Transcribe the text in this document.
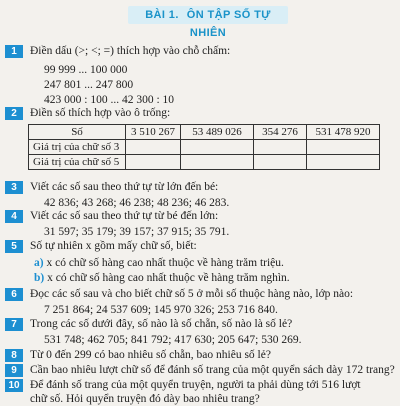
BÀI 1. ÔN TẬP SỐ TỰ NHIÊN
1	Điền dấu (>; <; =) thích hợp vào chỗ chấm:
99 999 ... 100 000
247 801 ... 247 800
423 000 : 100 ... 42 300 : 10
2	Điền số thích hợp vào ô trống:
Số	3 510 267	53 489 026	354 276	531 478 920
Giá trị của chữ số 3				
Giá trị của chữ số 5				
3	Viết các số sau theo thứ tự từ lớn đến bé:
42 836; 43 268; 46 238; 48 236; 46 283.
4	Viết các số sau theo thứ tự từ bé đến lớn:
31 597; 35 179; 39 157; 37 915; 35 791.
5	Số tự nhiên x gồm mấy chữ số, biết:
a) x có chữ số hàng cao nhất thuộc về hàng trăm triệu.
b) x có chữ số hàng cao nhất thuộc về hàng trăm nghìn.
6	Đọc các số sau và cho biết chữ số 5 ở mỗi số thuộc hàng nào, lớp nào:
7 251 864; 24 537 609; 145 970 326; 253 716 840.
7	Trong các số dưới đây, số nào là số chẵn, số nào là số lẻ?
531 748; 462 705; 841 792; 417 630; 205 647; 530 269.
8	Từ 0 đến 299 có bao nhiêu số chẵn, bao nhiêu số lẻ?
9	Cần bao nhiêu lượt chữ số để đánh số trang của một quyển sách dày 172 trang?
10 Để đánh số trang của một quyển truyện, người ta phải dùng tới 516 lượt
chữ số. Hỏi quyển truyện đó dày bao nhiêu trang?
